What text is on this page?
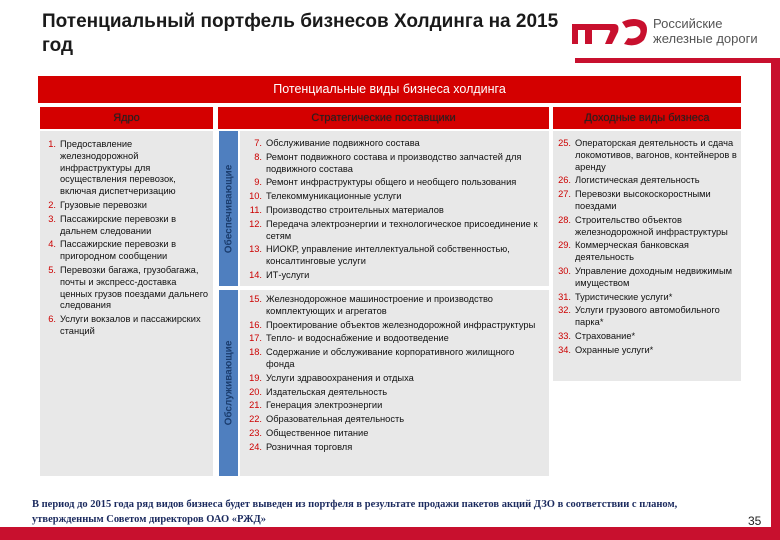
Потенциальный портфель бизнесов Холдинга на 2015 год
Российские
железные дороги
Потенциальные виды бизнеса холдинга
Ядро	Стратегические поставщики	Доходные виды бизнеса
1. Предоставление железнодорожной инфраструктуры для осуществления перевозок, включая диспетчеризацию
2. Грузовые перевозки
3. Пассажирские перевозки в дальнем следовании
4. Пассажирские перевозки в пригородном сообщении
5. Перевозки багажа, грузобагажа, почты и экспресс-доставка ценных грузов поездами дальнего следования
6. Услуги вокзалов и пассажирских станций
Обеспечивающие
Обслуживающие
7. Обслуживание подвижного состава
8. Ремонт подвижного состава и производство запчастей для подвижного состава
9. Ремонт инфраструктуры общего и необщего пользования
10. Телекоммуникационные услуги
11. Производство строительных материалов
12. Передача электроэнергии и технологическое присоединение к сетям
13. НИОКР, управление интеллектуальной собственностью, консалтинговые услуги
14. ИТ-услуги
15. Железнодорожное машиностроение и производство комплектующих и агрегатов
16. Проектирование объектов железнодорожной инфраструктуры
17. Тепло- и водоснабжение и водоотведение
18. Содержание и обслуживание корпоративного жилищного фонда
19. Услуги здравоохранения и отдыха
20. Издательская деятельность
21. Генерация электроэнергии
22. Образовательная деятельность
23. Общественное питание
24. Розничная торговля
25. Операторская деятельность и сдача локомотивов, вагонов, контейнеров в аренду
26. Логистическая деятельность
27. Перевозки высокоскоростными поездами
28. Строительство объектов железнодорожной инфраструктуры
29. Коммерческая банковская деятельность
30. Управление доходным недвижимым имуществом
31. Туристические услуги*
32. Услуги грузового автомобильного парка*
33. Страхование*
34. Охранные услуги*
В период до 2015 года ряд видов бизнеса будет выведен из портфеля в результате продажи пакетов акций ДЗО в соответствии с планом, утвержденным Советом директоров ОАО «РЖД»	35
